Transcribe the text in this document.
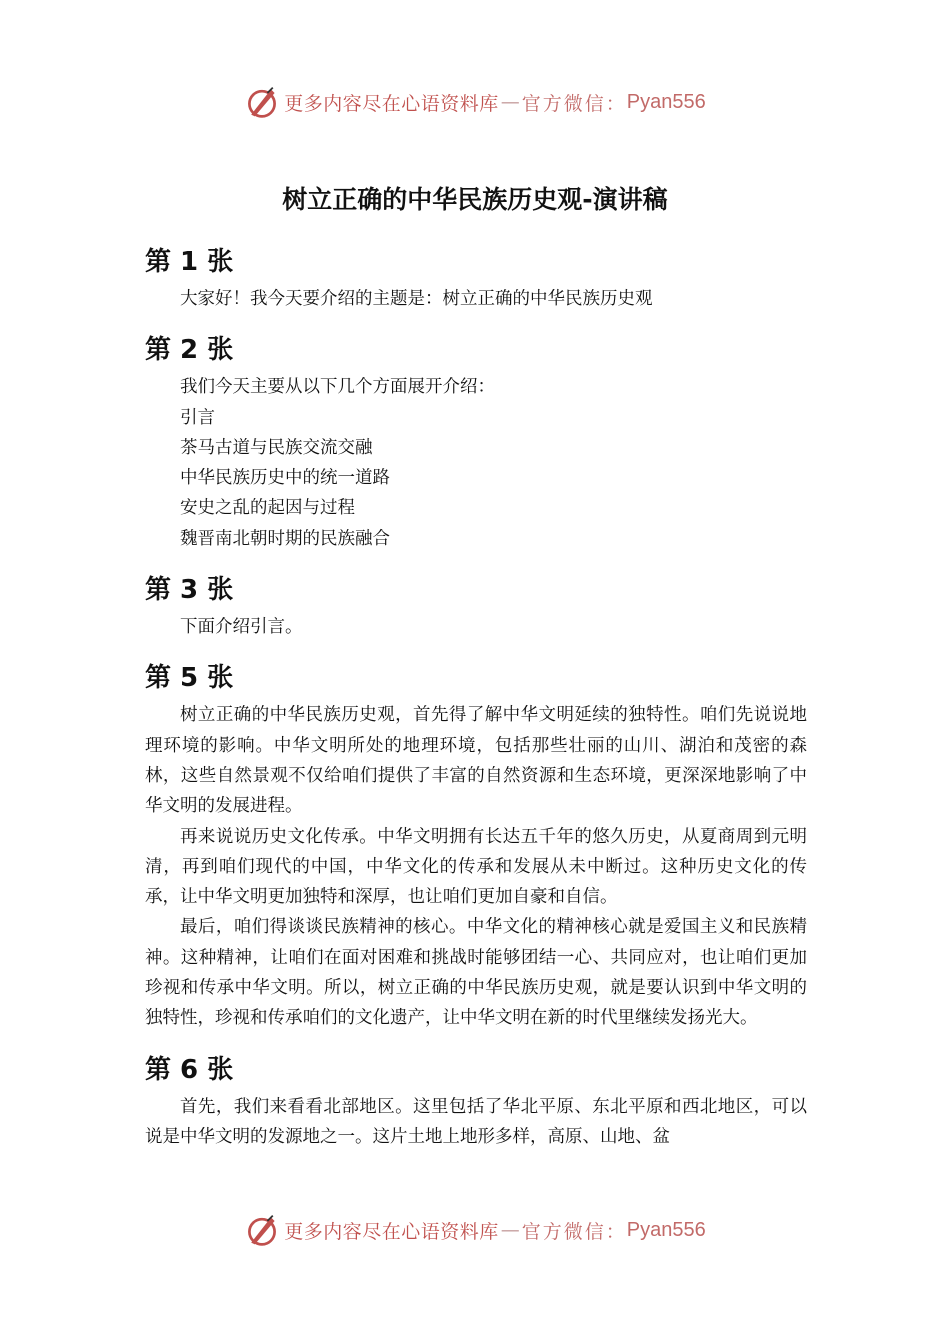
更多内容尽在心语资料库 — 官方微信： Pyan556
树立正确的中华民族历史观-演讲稿
第 1 张

大家好！我今天要介绍的主题是：树立正确的中华民族历史观

第 2 张

我们今天主要从以下几个方面展开介绍：

引言
茶马古道与民族交流交融
中华民族历史中的统一道路
安史之乱的起因与过程
魏晋南北朝时期的民族融合
第 3 张

下面介绍引言。

第 5 张

树立正确的中华民族历史观，首先得了解中华文明延续的独特性。咱们先说说地理环境的影响。中华文明所处的地理环境，包括那些壮丽的山川、湖泊和茂密的森林，这些自然景观不仅给咱们提供了丰富的自然资源和生态环境，更深深地影响了中华文明的发展进程。

再来说说历史文化传承。中华文明拥有长达五千年的悠久历史，从夏商周到元明清，再到咱们现代的中国，中华文化的传承和发展从未中断过。这种历史文化的传承，让中华文明更加独特和深厚，也让咱们更加自豪和自信。

最后，咱们得谈谈民族精神的核心。中华文化的精神核心就是爱国主义和民族精神。这种精神，让咱们在面对困难和挑战时能够团结一心、共同应对，也让咱们更加珍视和传承中华文明。所以，树立正确的中华民族历史观，就是要认识到中华文明的独特性，珍视和传承咱们的文化遗产，让中华文明在新的时代里继续发扬光大。

第 6 张

首先，我们来看看北部地区。这里包括了华北平原、东北平原和西北地区，可以说是中华文明的发源地之一。这片土地上地形多样，高原、山地、盆

更多内容尽在心语资料库 — 官方微信： Pyan556
